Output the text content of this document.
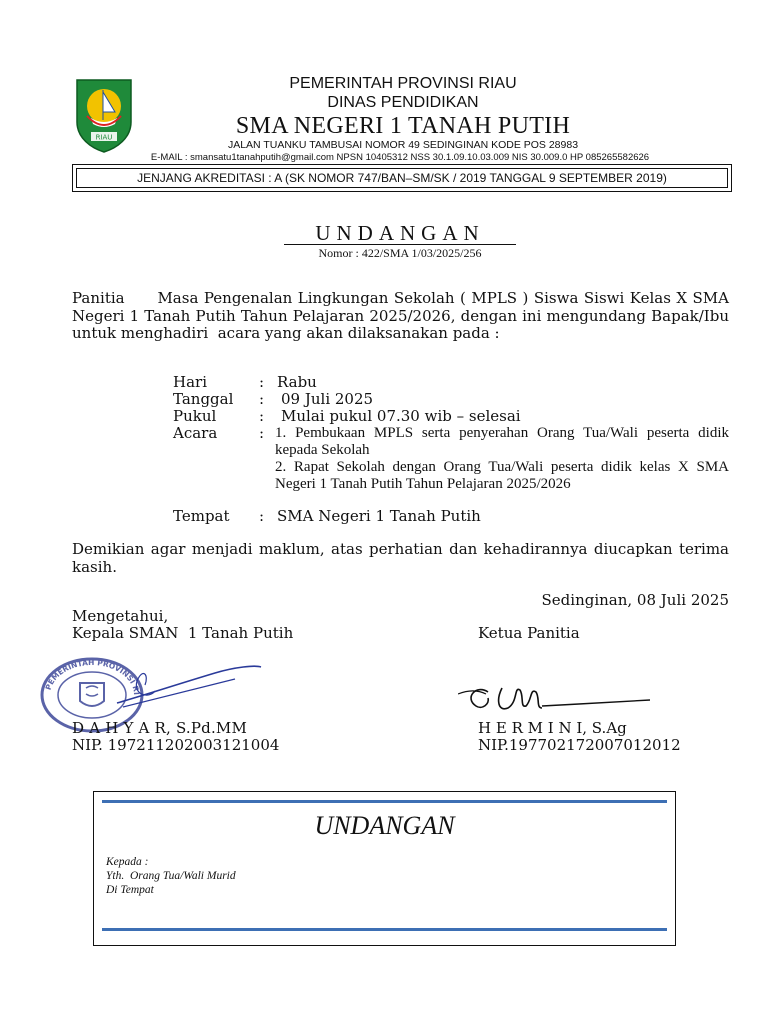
RIAU
PEMERINTAH PROVINSI RIAU
DINAS PENDIDIKAN
SMA NEGERI 1 TANAH PUTIH
JALAN TUANKU TAMBUSAI NOMOR 49 SEDINGINAN KODE POS 28983
E-MAIL : smansatu1tanahputih@gmail.com NPSN 10405312 NSS 30.1.09.10.03.009 NIS 30.009.0 HP 085265582626
JENJANG AKREDITASI : A (SK NOMOR 747/BAN–SM/SK / 2019 TANGGAL 9 SEPTEMBER 2019)
UNDANGAN
Nomor : 422/SMA 1/03/2025/256
Panitia      Masa Pengenalan Lingkungan Sekolah ( MPLS ) Siswa Siswi Kelas X SMA Negeri 1 Tanah Putih Tahun Pelajaran 2025/2026, dengan ini mengundang Bapak/Ibu untuk menghadiri  acara yang akan dilaksanakan pada :
Hari	: Rabu
Tanggal : 09 Juli 2025
Pukul	: Mulai pukul 07.30 wib – selesai
Acara	: 1. Pembukaan MPLS serta penyerahan Orang Tua/Wali peserta didik kepada Sekolah
2. Rapat Sekolah dengan Orang Tua/Wali peserta didik kelas X SMA Negeri 1 Tanah Putih Tahun Pelajaran 2025/2026
Tempat : SMA Negeri 1 Tanah Putih
Demikian agar menjadi maklum, atas perhatian dan kehadirannya diucapkan terima kasih.
Sedinginan, 08 Juli 2025
Mengetahui,
Kepala SMAN  1 Tanah Putih	Ketua Panitia
PEMERINTAH PROVINSI RI
D A H Y A R, S.Pd.MM
NIP. 197211202003121004
H E R M I N I, S.Ag
NIP.197702172007012012
UNDANGAN
Kepada :
Yth.  Orang Tua/Wali Murid
Di Tempat
